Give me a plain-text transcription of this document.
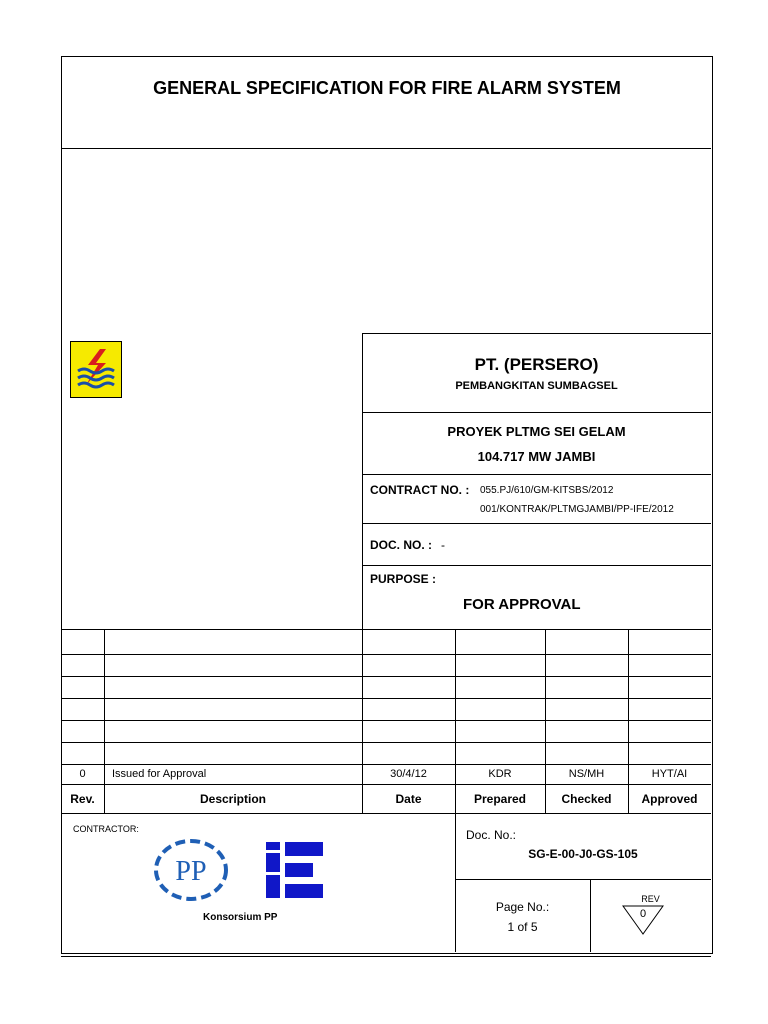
GENERAL SPECIFICATION FOR FIRE ALARM SYSTEM
PT. (PERSERO)
PEMBANGKITAN SUMBAGSEL
PROYEK PLTMG SEI GELAM
104.717 MW JAMBI
CONTRACT NO. : 055.PJ/610/GM-KITSBS/2012
001/KONTRAK/PLTMGJAMBI/PP-IFE/2012
DOC. NO. : -
PURPOSE :
FOR APPROVAL
0	Issued for Approval	30/4/12	KDR	NS/MH	HYT/AI
Rev.	Description	Date	Prepared	Checked	Approved
CONTRACTOR:
PP
Konsorsium PP
Doc. No.:
SG-E-00-J0-GS-105
Page No.:
1 of 5
REV
0
